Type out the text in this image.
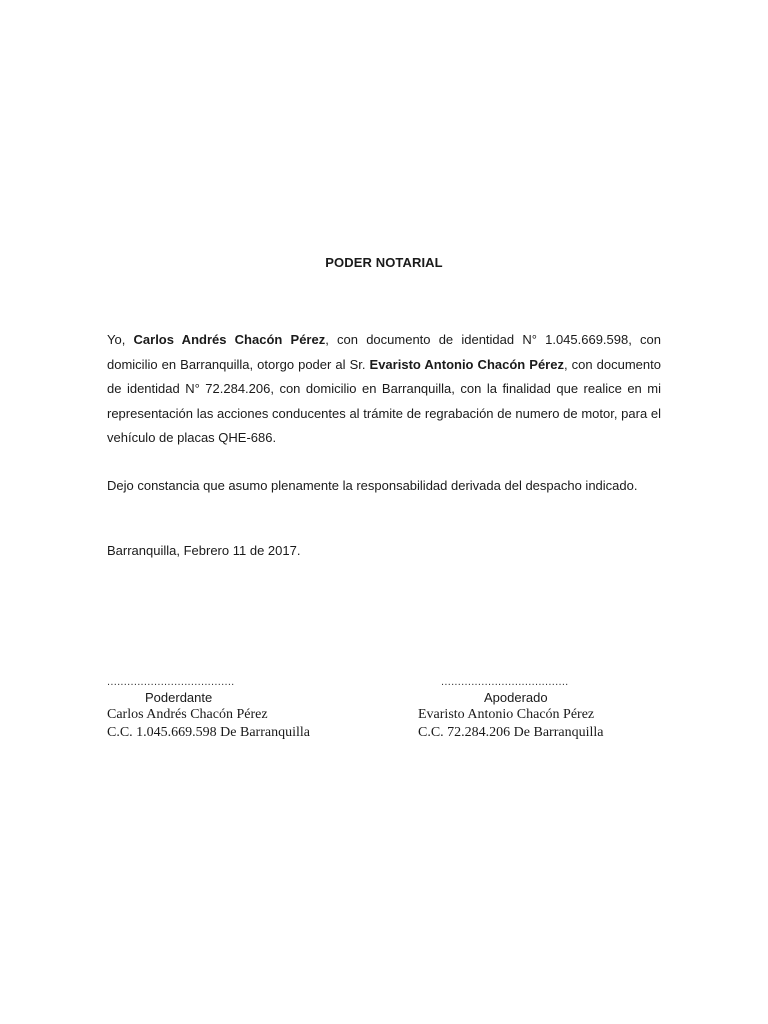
PODER NOTARIAL

Yo, Carlos Andrés Chacón Pérez, con documento de identidad N° 1.045.669.598, con domicilio en Barranquilla, otorgo poder al Sr. Evaristo Antonio Chacón Pérez, con documento de identidad N° 72.284.206, con domicilio en Barranquilla, con la finalidad que realice en mi representación las acciones conducentes al trámite de regrabación de numero de motor, para el vehículo de placas QHE-686.

Dejo constancia que asumo plenamente la responsabilidad derivada del despacho indicado.

Barranquilla, Febrero 11 de 2017.

......................................	......................................
Poderdante	Apoderado
Carlos Andrés Chacón Pérez	Evaristo Antonio Chacón Pérez
C.C. 1.045.669.598 De Barranquilla	C.C. 72.284.206 De Barranquilla
